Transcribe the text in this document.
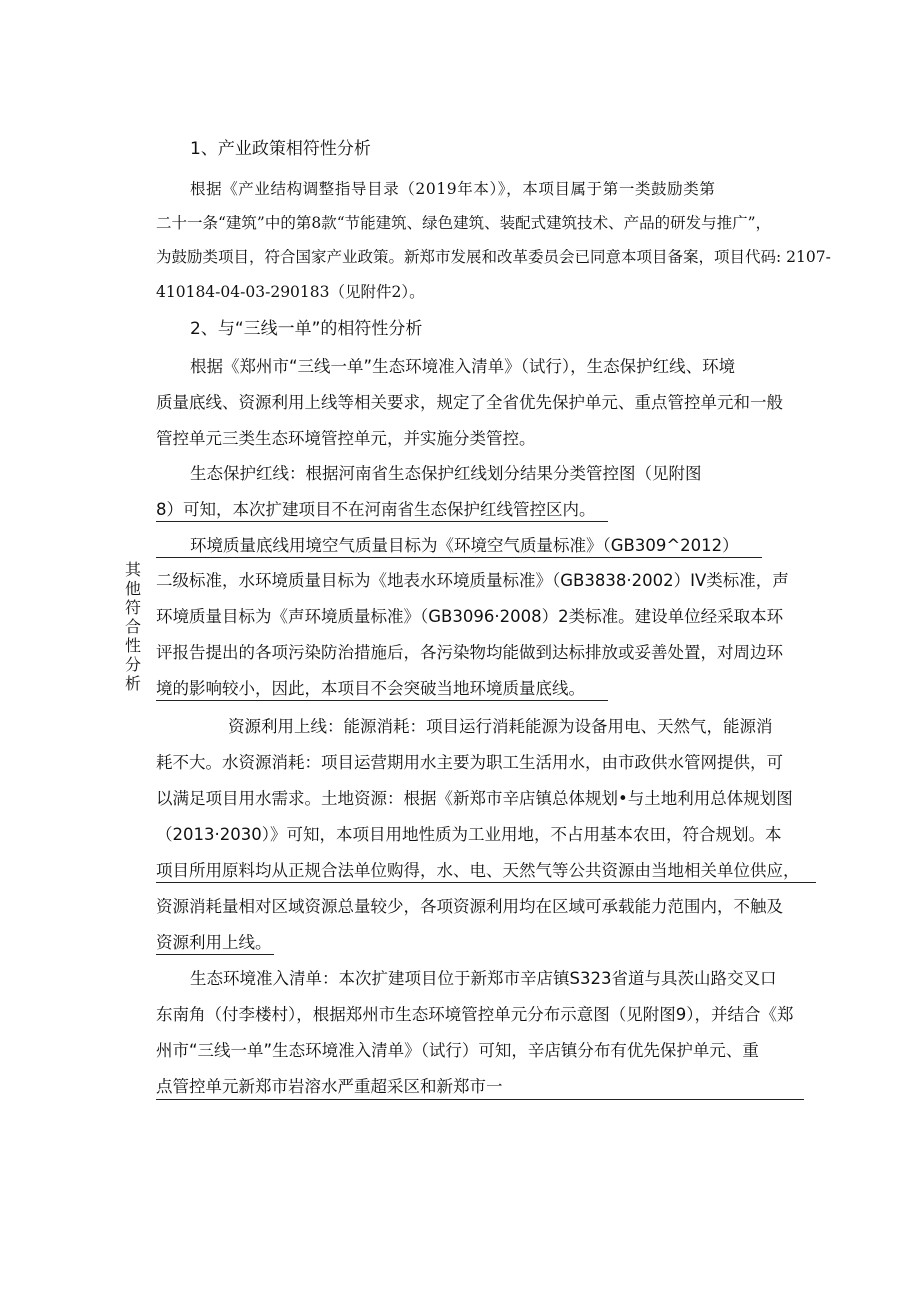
其
他
符
合
性
分
析
1、产业政策相符性分析
根据《产业结构调整指导目录（2019年本）》，本项目属于第一类鼓励类第
二十一条“建筑”中的第8款“节能建筑、绿色建筑、装配式建筑技术、产品的研发与推广”，
为鼓励类项目，符合国家产业政策。新郑市发展和改革委员会已同意本项目备案，项目代码: 2107-
410184-04-03-290183（见附件2）。
2、与“三线一单”的相符性分析
根据《郑州市“三线一单”生态环境准入清单》（试行），生态保护红线、环境
质量底线、资源利用上线等相关要求，规定了全省优先保护单元、重点管控单元和一般
管控单元三类生态环境管控单元，并实施分类管控。
生态保护红线：根据河南省生态保护红线划分结果分类管控图（见附图
8）可知，本次扩建项目不在河南省生态保护红线管控区内。
环境质量底线用境空气质量目标为《环境空气质量标准》（GB309^2012）
二级标准，水环境质量目标为《地表水环境质量标准》（GB3838·2002）IV类标准，声
环境质量目标为《声环境质量标准》（GB3096·2008）2类标准。建设单位经采取本环
评报告提出的各项污染防治措施后，各污染物均能做到达标排放或妥善处置，对周边环
境的影响较小，因此，本项目不会突破当地环境质量底线。
资源利用上线：能源消耗：项目运行消耗能源为设备用电、天然气，能源消
耗不大。水资源消耗：项目运营期用水主要为职工生活用水，由市政供水管网提供，可
以满足项目用水需求。土地资源：根据《新郑市辛店镇总体规划•与土地利用总体规划图
（2013·2030）》可知，本项目用地性质为工业用地，不占用基本农田，符合规划。本
项目所用原料均从正规合法单位购得，水、电、天然气等公共资源由当地相关单位供应，
资源消耗量相对区域资源总量较少，各项资源利用均在区域可承载能力范围内，不触及
资源利用上线。
生态环境准入清单：本次扩建项目位于新郑市辛店镇S323省道与具茨山路交叉口
东南角（付李楼村），根据郑州市生态环境管控单元分布示意图（见附图9），并结合《郑
州市“三线一单”生态环境准入清单》（试行）可知，辛店镇分布有优先保护单元、重
点管控单元新郑市岩溶水严重超采区和新郑市一
